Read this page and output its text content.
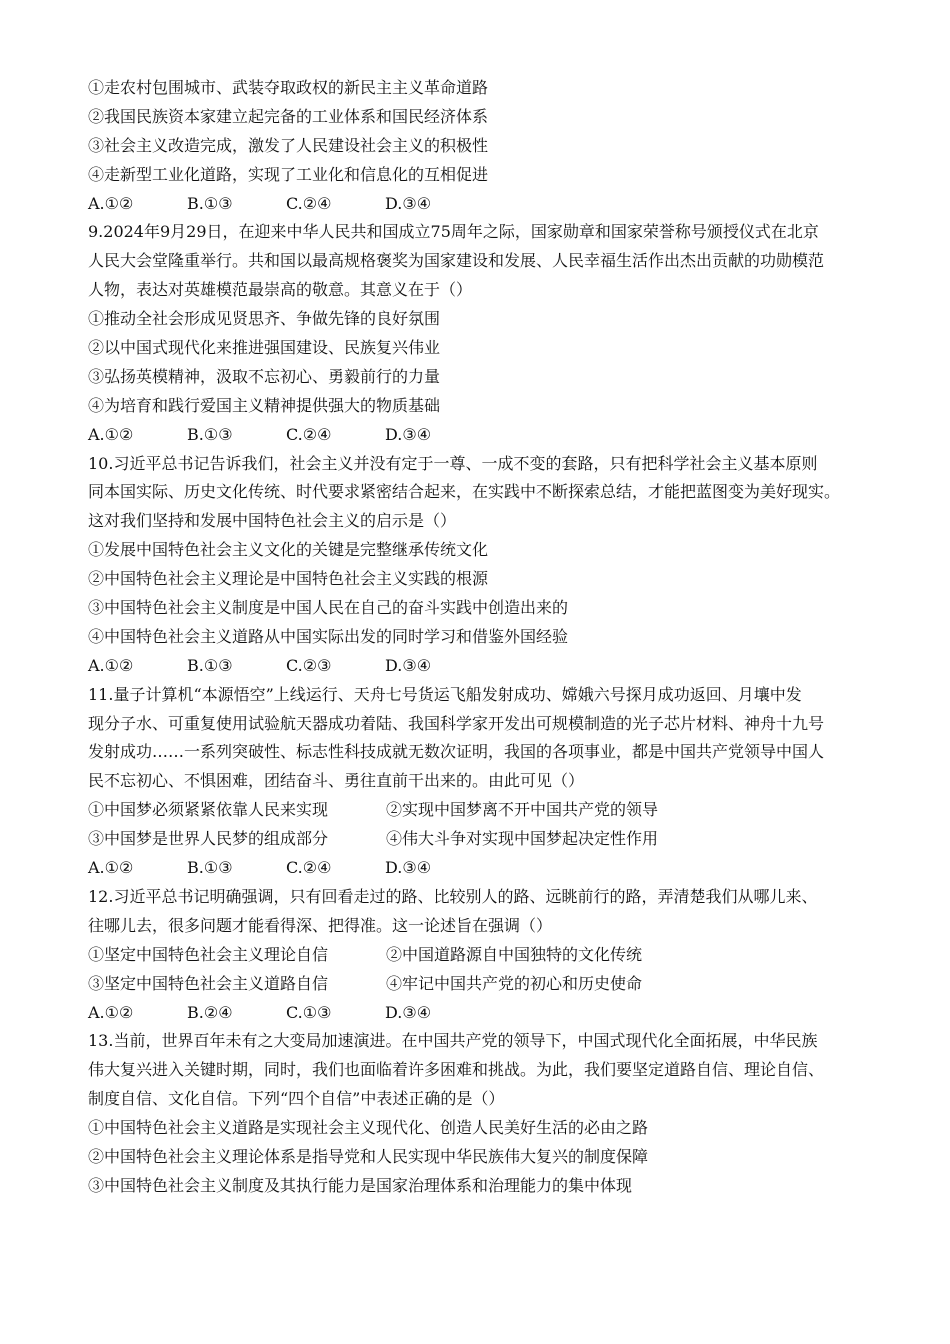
①走农村包围城市、武装夺取政权的新民主主义革命道路
②我国民族资本家建立起完备的工业体系和国民经济体系
③社会主义改造完成，激发了人民建设社会主义的积极性
④走新型工业化道路，实现了工业化和信息化的互相促进
A.①②	B.①③	C.②④	D.③④
9.2024年9月29日，在迎来中华人民共和国成立75周年之际，国家勋章和国家荣誉称号颁授仪式在北京
人民大会堂隆重举行。共和国以最高规格褒奖为国家建设和发展、人民幸福生活作出杰出贡献的功勋模范
人物，表达对英雄模范最崇高的敬意。其意义在于（）
①推动全社会形成见贤思齐、争做先锋的良好氛围
②以中国式现代化来推进强国建设、民族复兴伟业
③弘扬英模精神，汲取不忘初心、勇毅前行的力量
④为培育和践行爱国主义精神提供强大的物质基础
A.①②	B.①③	C.②④	D.③④
10.习近平总书记告诉我们，社会主义并没有定于一尊、一成不变的套路，只有把科学社会主义基本原则
同本国实际、历史文化传统、时代要求紧密结合起来，在实践中不断探索总结，才能把蓝图变为美好现实。
这对我们坚持和发展中国特色社会主义的启示是（）
①发展中国特色社会主义文化的关键是完整继承传统文化
②中国特色社会主义理论是中国特色社会主义实践的根源
③中国特色社会主义制度是中国人民在自己的奋斗实践中创造出来的
④中国特色社会主义道路从中国实际出发的同时学习和借鉴外国经验
A.①②	B.①③	C.②③	D.③④
11.量子计算机“本源悟空”上线运行、天舟七号货运飞船发射成功、嫦娥六号探月成功返回、月壤中发
现分子水、可重复使用试验航天器成功着陆、我国科学家开发出可规模制造的光子芯片材料、神舟十九号
发射成功……一系列突破性、标志性科技成就无数次证明，我国的各项事业，都是中国共产党领导中国人
民不忘初心、不惧困难，团结奋斗、勇往直前干出来的。由此可见（）
①中国梦必须紧紧依靠人民来实现	②实现中国梦离不开中国共产党的领导
③中国梦是世界人民梦的组成部分	④伟大斗争对实现中国梦起决定性作用
A.①②	B.①③	C.②④	D.③④
12.习近平总书记明确强调，只有回看走过的路、比较别人的路、远眺前行的路，弄清楚我们从哪儿来、
往哪儿去，很多问题才能看得深、把得准。这一论述旨在强调（）
①坚定中国特色社会主义理论自信	②中国道路源自中国独特的文化传统
③坚定中国特色社会主义道路自信	④牢记中国共产党的初心和历史使命
A.①②	B.②④	C.①③	D.③④
13.当前，世界百年未有之大变局加速演进。在中国共产党的领导下，中国式现代化全面拓展，中华民族
伟大复兴进入关键时期，同时，我们也面临着许多困难和挑战。为此，我们要坚定道路自信、理论自信、
制度自信、文化自信。下列“四个自信”中表述正确的是（）
①中国特色社会主义道路是实现社会主义现代化、创造人民美好生活的必由之路
②中国特色社会主义理论体系是指导党和人民实现中华民族伟大复兴的制度保障
③中国特色社会主义制度及其执行能力是国家治理体系和治理能力的集中体现
